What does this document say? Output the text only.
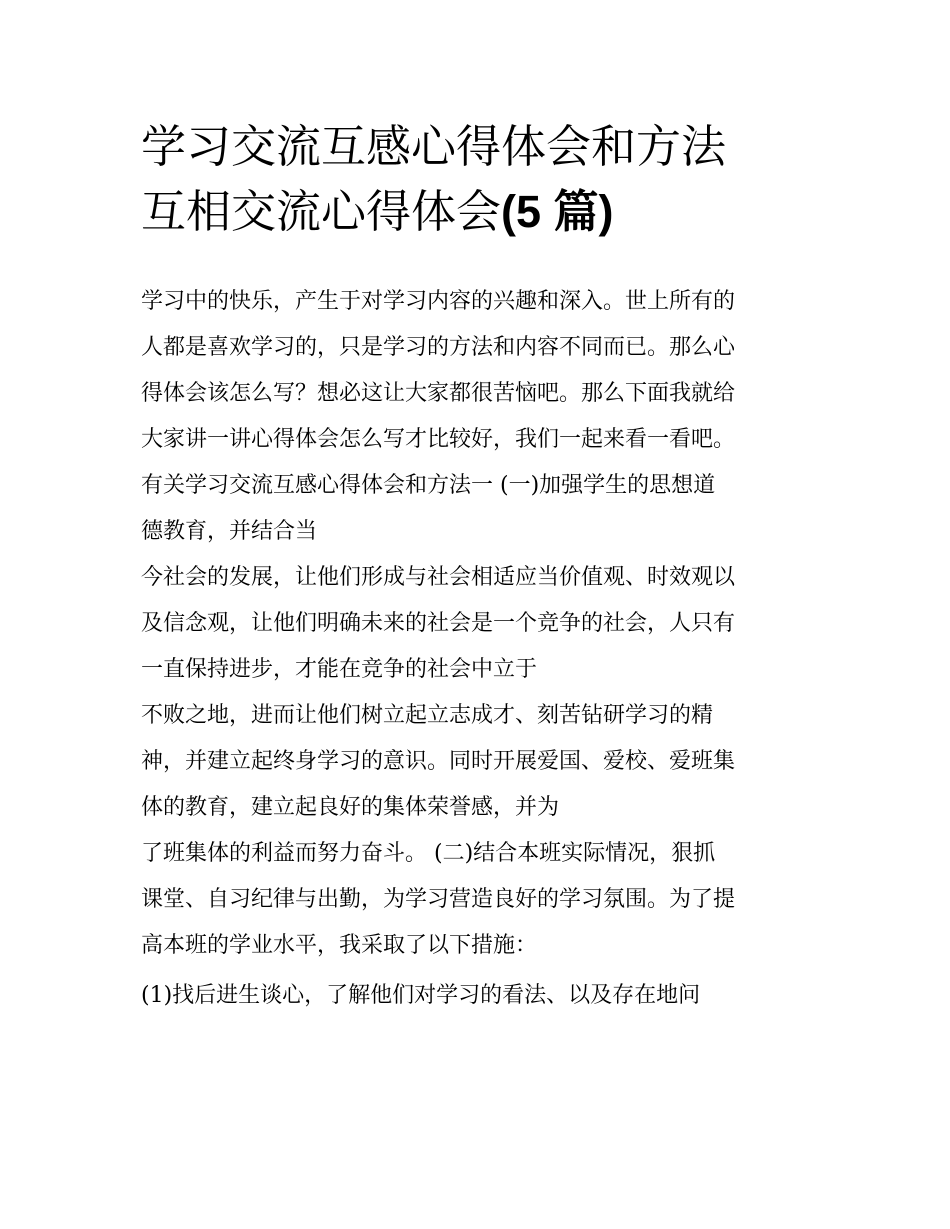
学习交流互感心得体会和方法
互相交流心得体会(5 篇)
学习中的快乐，产生于对学习内容的兴趣和深入。世上所有的
人都是喜欢学习的，只是学习的方法和内容不同而已。那么心
得体会该怎么写？想必这让大家都很苦恼吧。那么下面我就给
大家讲一讲心得体会怎么写才比较好，我们一起来看一看吧。
有关学习交流互感心得体会和方法一 (一)加强学生的思想道
德教育，并结合当
今社会的发展，让他们形成与社会相适应当价值观、时效观以
及信念观，让他们明确未来的社会是一个竞争的社会，人只有
一直保持进步，才能在竞争的社会中立于
不败之地，进而让他们树立起立志成才、刻苦钻研学习的精
神，并建立起终身学习的意识。同时开展爱国、爱校、爱班集
体的教育，建立起良好的集体荣誉感，并为
了班集体的利益而努力奋斗。 (二)结合本班实际情况，狠抓
课堂、自习纪律与出勤，为学习营造良好的学习氛围。为了提
高本班的学业水平，我采取了以下措施：
(1)找后进生谈心，了解他们对学习的看法、以及存在地问
